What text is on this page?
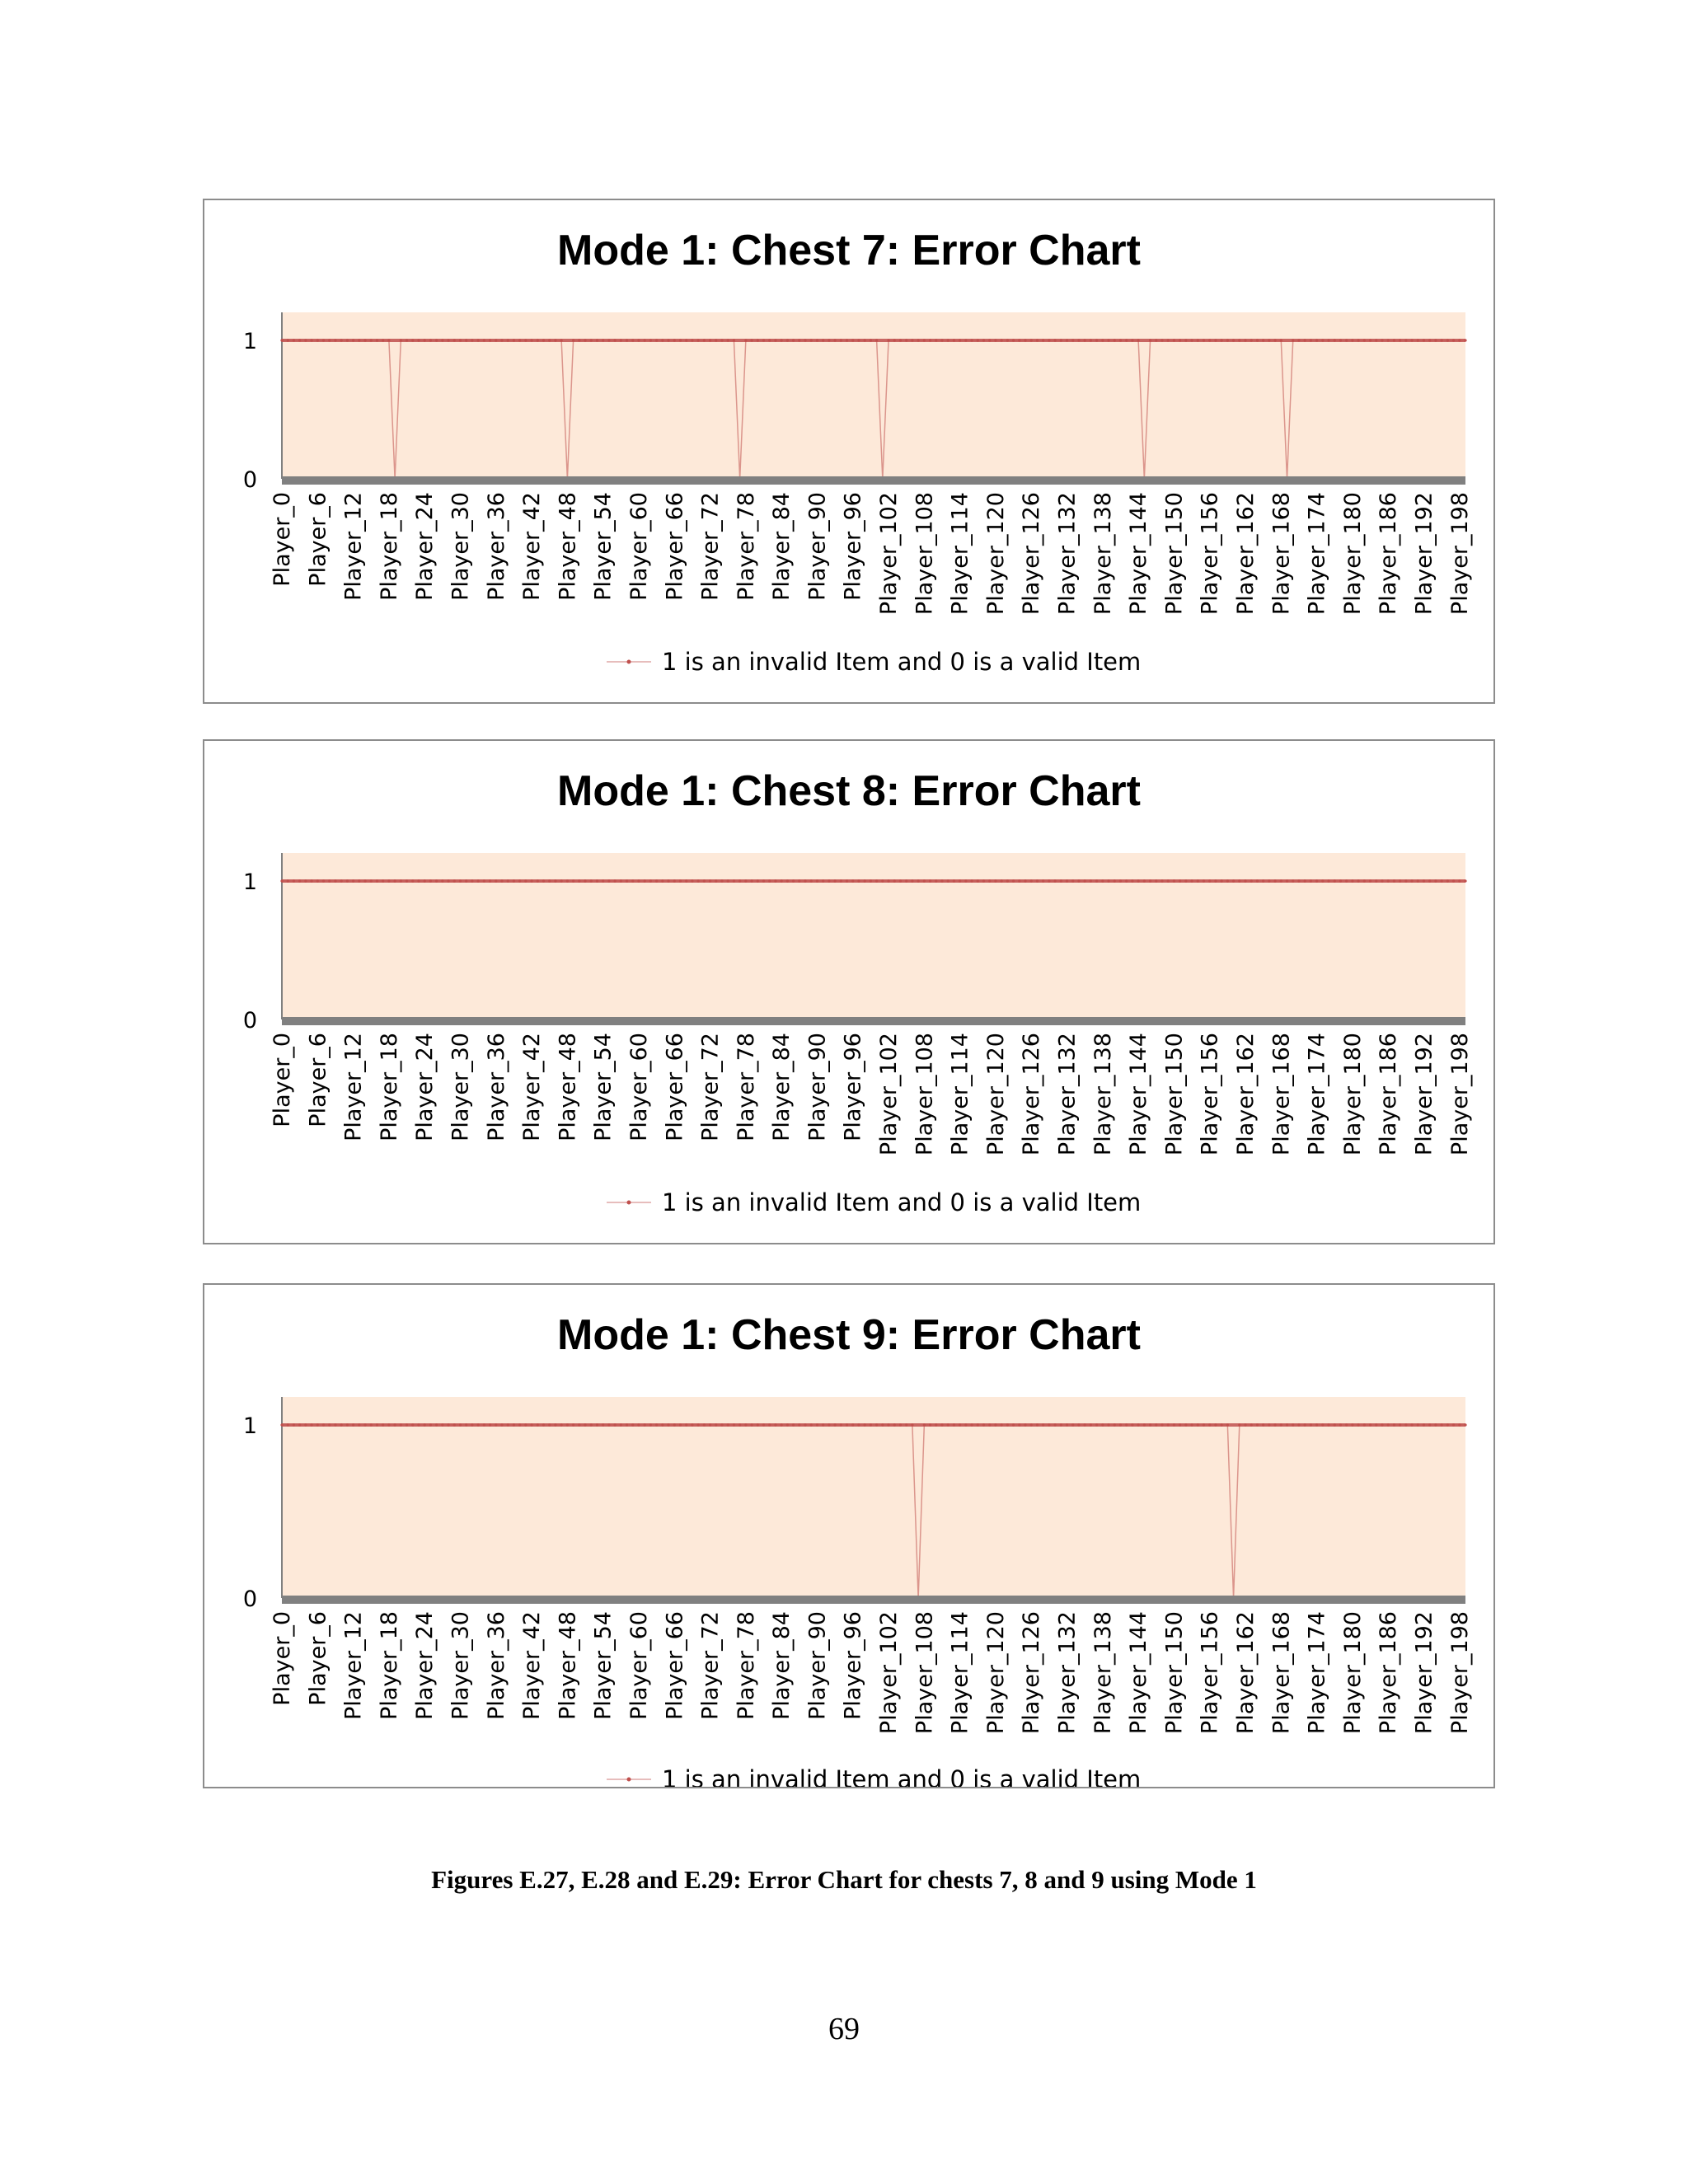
Mode 1: Chest 7: Error Chart
0
1
Player_0 Player_6 Player_12 Player_18 Player_24 Player_30 Player_36 Player_42 Player_48 Player_54 Player_60 Player_66 Player_72 Player_78 Player_84 Player_90 Player_96 Player_102 Player_108 Player_114 Player_120 Player_126 Player_132 Player_138 Player_144 Player_150 Player_156 Player_162 Player_168 Player_174 Player_180 Player_186 Player_192 Player_198
1 is an invalid Item and 0 is a valid Item
Mode 1: Chest 8: Error Chart
0
1
Player_0 Player_6 Player_12 Player_18 Player_24 Player_30 Player_36 Player_42 Player_48 Player_54 Player_60 Player_66 Player_72 Player_78 Player_84 Player_90 Player_96 Player_102 Player_108 Player_114 Player_120 Player_126 Player_132 Player_138 Player_144 Player_150 Player_156 Player_162 Player_168 Player_174 Player_180 Player_186 Player_192 Player_198
1 is an invalid Item and 0 is a valid Item
Mode 1: Chest 9: Error Chart
0
1
Player_0 Player_6 Player_12 Player_18 Player_24 Player_30 Player_36 Player_42 Player_48 Player_54 Player_60 Player_66 Player_72 Player_78 Player_84 Player_90 Player_96 Player_102 Player_108 Player_114 Player_120 Player_126 Player_132 Player_138 Player_144 Player_150 Player_156 Player_162 Player_168 Player_174 Player_180 Player_186 Player_192 Player_198
1 is an invalid Item and 0 is a valid Item
Figures E.27, E.28 and E.29: Error Chart for chests 7, 8 and 9 using Mode 1
69
